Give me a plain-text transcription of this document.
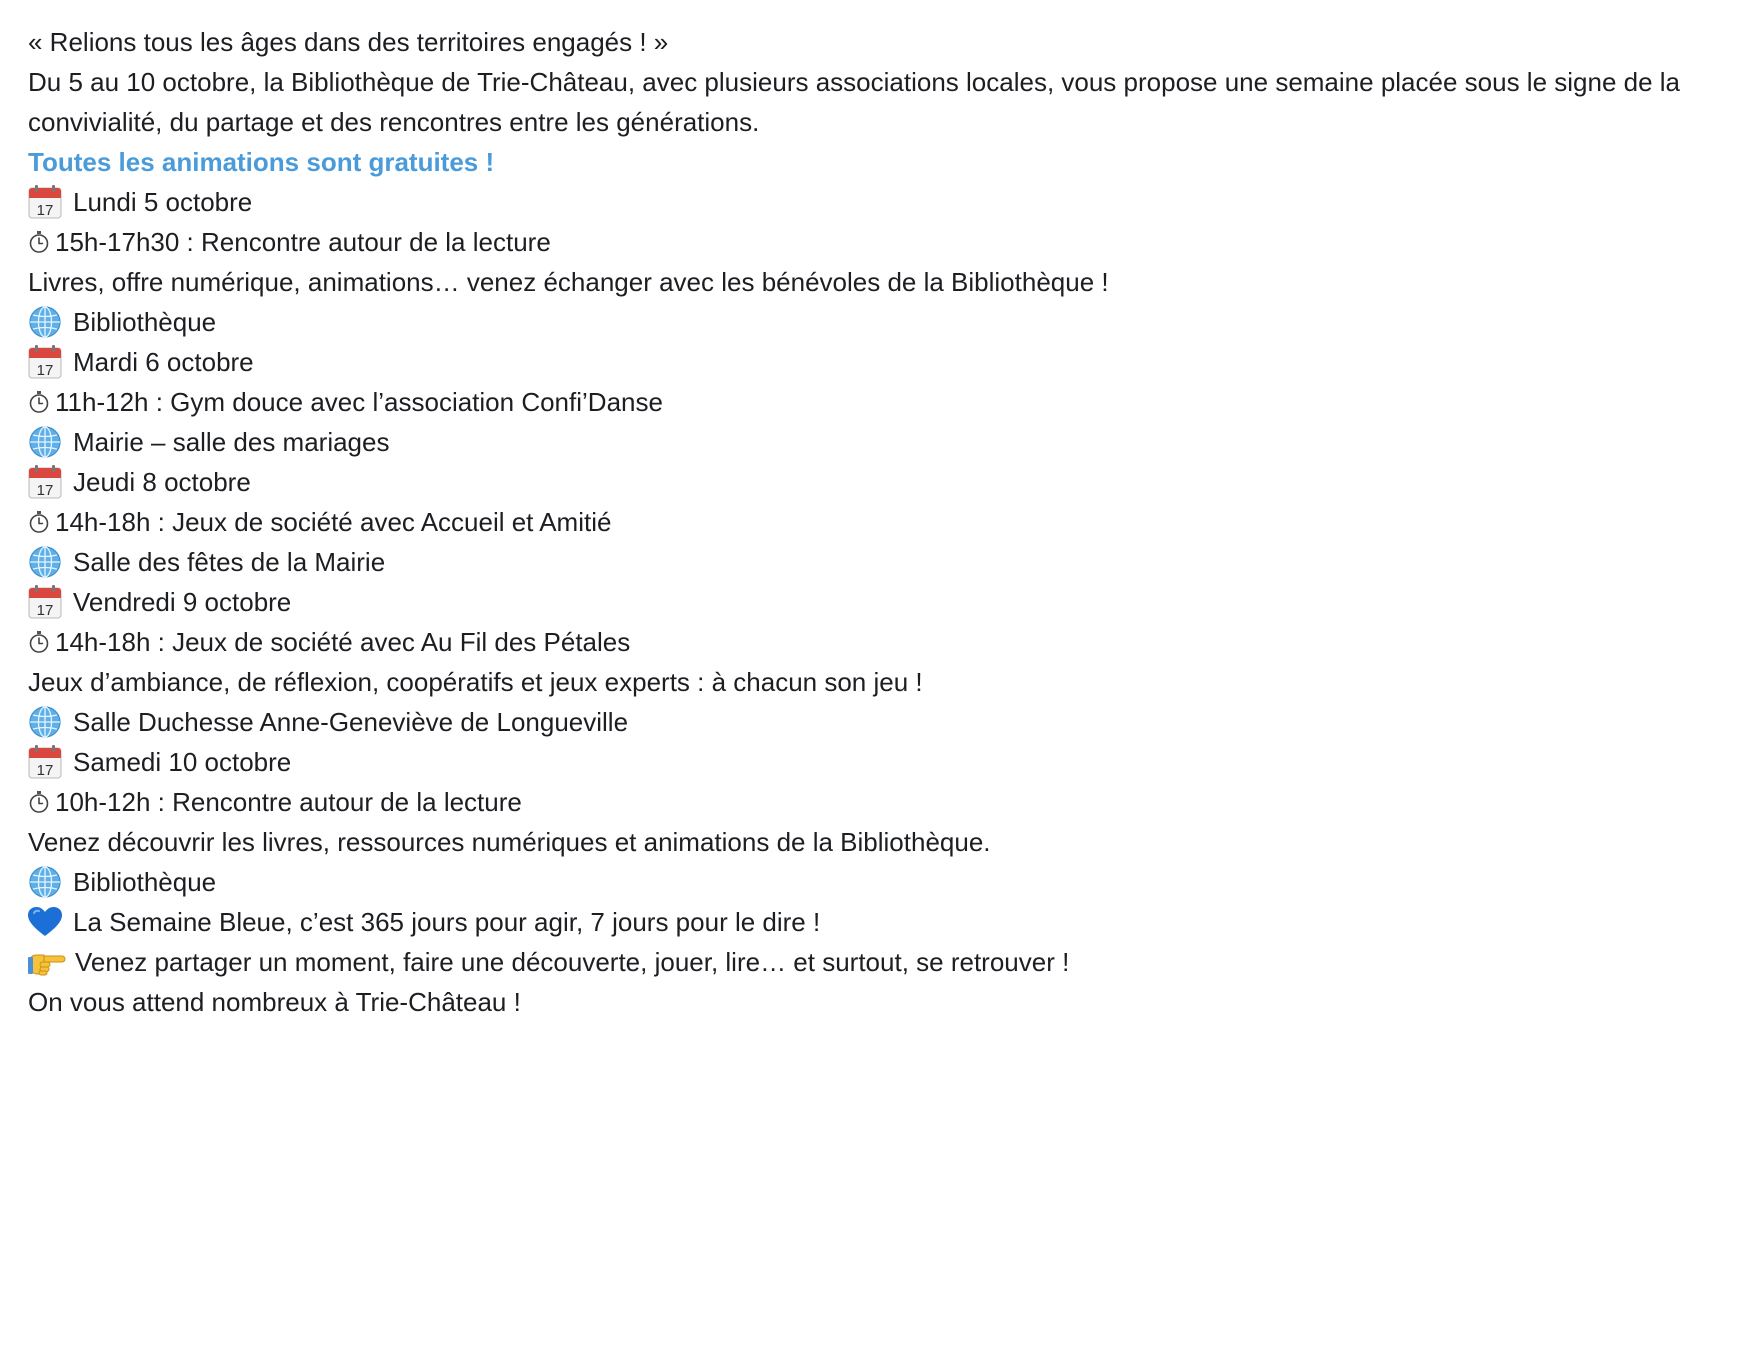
« Relions tous les âges dans des territoires engagés ! »
Du 5 au 10 octobre, la Bibliothèque de Trie-Château, avec plusieurs associations locales, vous propose une semaine placée sous le signe de la convivialité, du partage et des rencontres entre les générations.
Toutes les animations sont gratuites !
17 Lundi 5 octobre
15h-17h30 : Rencontre autour de la lecture
Livres, offre numérique, animations… venez échanger avec les bénévoles de la Bibliothèque !
Bibliothèque
17 Mardi 6 octobre
11h-12h : Gym douce avec l’association Confi’Danse
Mairie – salle des mariages
17 Jeudi 8 octobre
14h-18h : Jeux de société avec Accueil et Amitié
Salle des fêtes de la Mairie
17 Vendredi 9 octobre
14h-18h : Jeux de société avec Au Fil des Pétales
Jeux d’ambiance, de réflexion, coopératifs et jeux experts : à chacun son jeu !
Salle Duchesse Anne-Geneviève de Longueville
17 Samedi 10 octobre
10h-12h : Rencontre autour de la lecture
Venez découvrir les livres, ressources numériques et animations de la Bibliothèque.
Bibliothèque
La Semaine Bleue, c’est 365 jours pour agir, 7 jours pour le dire !
Venez partager un moment, faire une découverte, jouer, lire… et surtout, se retrouver !
On vous attend nombreux à Trie-Château !
